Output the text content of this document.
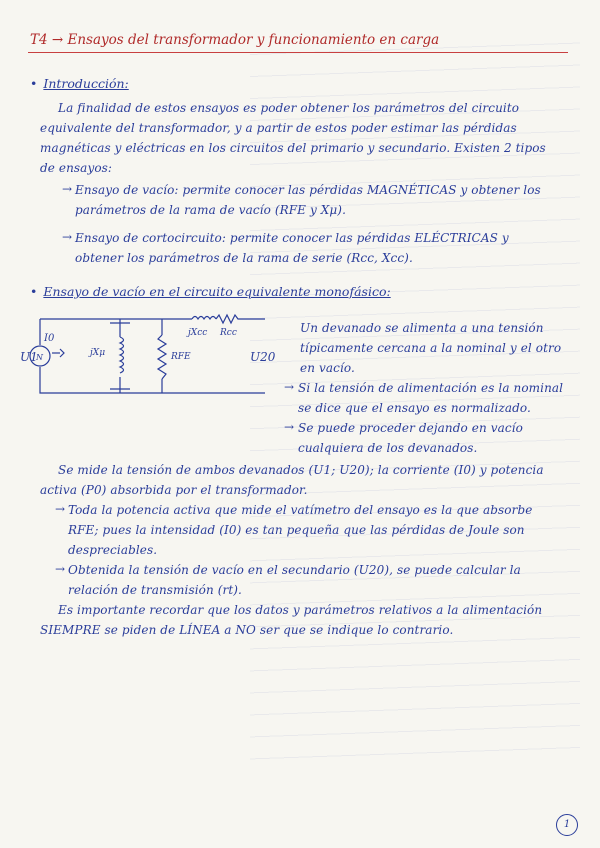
T4 → Ensayos del transformador y funcionamiento en carga
• Introducción:
La finalidad de estos ensayos es poder obtener los parámetros del circuito equivalente del transformador, y a partir de estos poder estimar las pérdidas magnéticas y eléctricas en los circuitos del primario y secundario. Existen 2 tipos de ensayos:
→ Ensayo de vacío: permite conocer las pérdidas MAGNÉTICAS y obtener los parámetros de la rama de vacío (RFE y Xμ).
→ Ensayo de cortocircuito: permite conocer las pérdidas ELÉCTRICAS y obtener los parámetros de la rama de serie (Rcc, Xcc).
• Ensayo de vacío en el circuito equivalente monofásico:
I0
N
U1	jXμ	RFE
jXcc Rcc
U20
Un devanado se alimenta a una tensión típicamente cercana a la nominal y el otro en vacío.
→ Si la tensión de alimentación es la nominal se dice que el ensayo es normalizado.
→ Se puede proceder dejando en vacío cualquiera de los devanados.
Se mide la tensión de ambos devanados (U1; U20); la corriente (I0) y potencia activa (P0) absorbida por el transformador.
→ Toda la potencia activa que mide el vatímetro del ensayo es la que absorbe RFE; pues la intensidad (I0) es tan pequeña que las pérdidas de Joule son despreciables.
→ Obtenida la tensión de vacío en el secundario (U20), se puede calcular la relación de transmisión (rt).
Es importante recordar que los datos y parámetros relativos a la alimentación SIEMPRE se piden de LÍNEA a NO ser que se indique lo contrario.
1
